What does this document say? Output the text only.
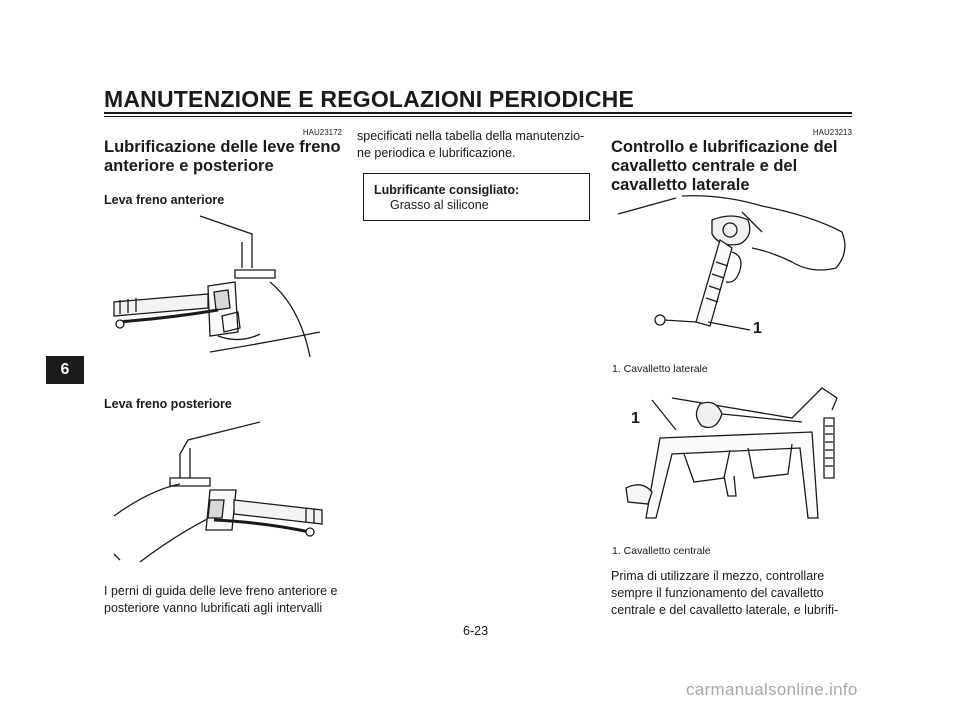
MANUTENZIONE E REGOLAZIONI PERIODICHE
6
HAU23172
Lubrificazione delle leve freno
anteriore e posteriore
Leva freno anteriore
Leva freno posteriore
I perni di guida delle leve freno anteriore e
posteriore vanno lubrificati agli intervalli
specificati nella tabella della manutenzio-
ne periodica e lubrificazione.
Lubrificante consigliato:
Grasso al silicone
HAU23213
Controllo e lubrificazione del
cavalletto centrale e del
cavalletto laterale
1
1. Cavalletto laterale
1
1. Cavalletto centrale
Prima di utilizzare il mezzo, controllare
sempre il funzionamento del cavalletto
centrale e del cavalletto laterale, e lubrifi-
6-23
carmanualsonline.info
